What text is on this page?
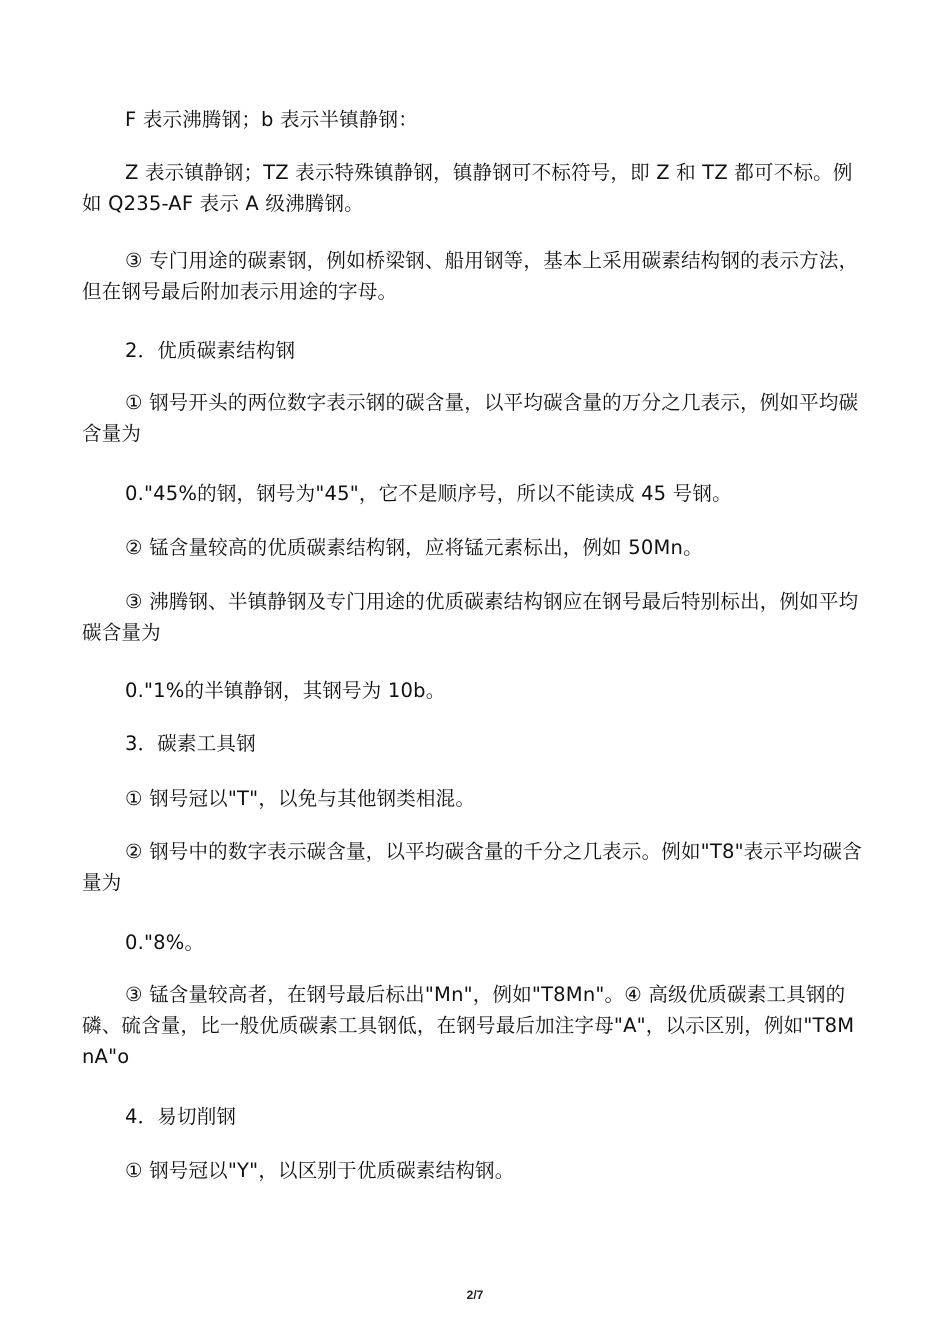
F 表示沸腾钢；b 表示半镇静钢：

Z 表示镇静钢；TZ 表示特殊镇静钢，镇静钢可不标符号，即 Z 和 TZ 都可不标。例如 Q235-AF 表示 A 级沸腾钢。

③ 专门用途的碳素钢，例如桥梁钢、船用钢等，基本上采用碳素结构钢的表示方法，但在钢号最后附加表示用途的字母。

2．优质碳素结构钢

① 钢号开头的两位数字表示钢的碳含量，以平均碳含量的万分之几表示，例如平均碳含量为

0."45%的钢，钢号为"45"，它不是顺序号，所以不能读成 45 号钢。

② 锰含量较高的优质碳素结构钢，应将锰元素标出，例如 50Mn。

③ 沸腾钢、半镇静钢及专门用途的优质碳素结构钢应在钢号最后特别标出，例如平均碳含量为

0."1%的半镇静钢，其钢号为 10b。

3．碳素工具钢

① 钢号冠以"T"，以免与其他钢类相混。

② 钢号中的数字表示碳含量，以平均碳含量的千分之几表示。例如"T8"表示平均碳含量为

0."8%。

③ 锰含量较高者，在钢号最后标出"Mn"，例如"T8Mn"。④ 高级优质碳素工具钢的磷、硫含量，比一般优质碳素工具钢低，在钢号最后加注字母"A"，以示区别，例如"T8MnA"o

4．易切削钢

① 钢号冠以"Y"，以区别于优质碳素结构钢。

2/7
